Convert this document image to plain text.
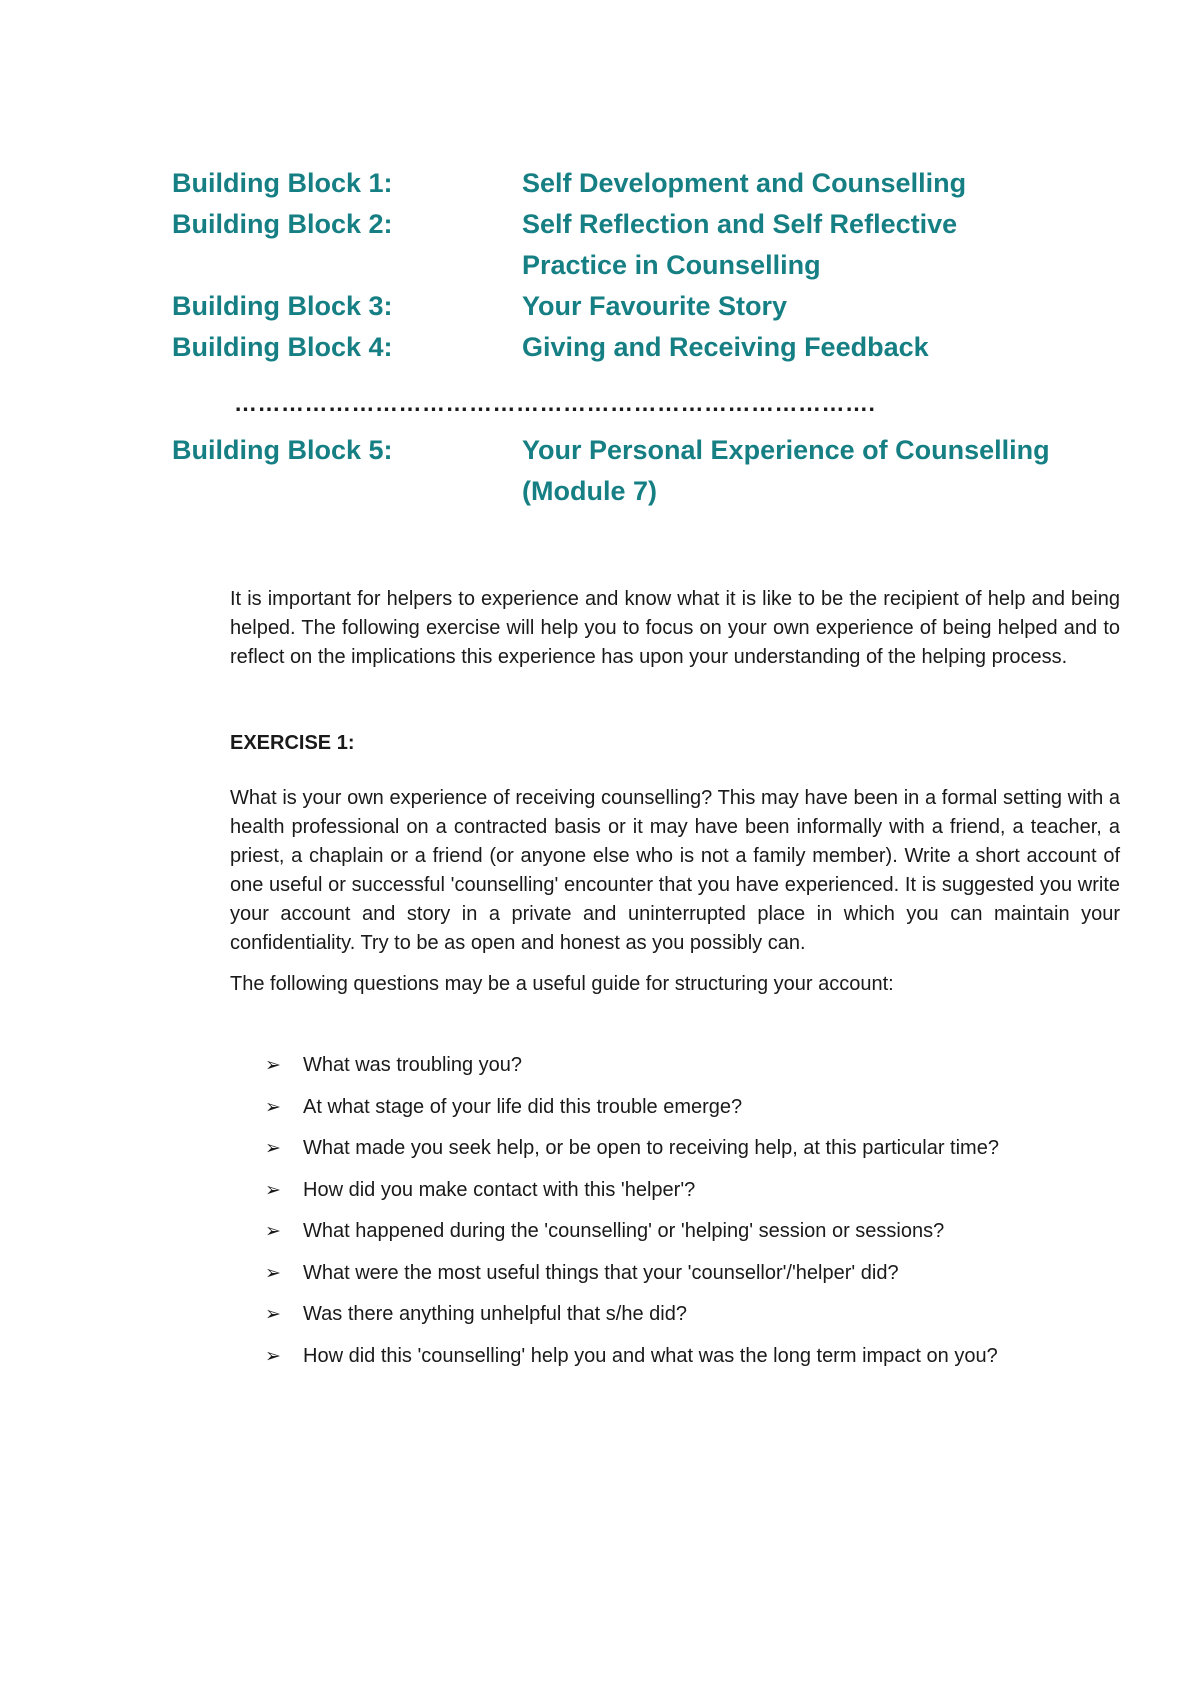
Building Block 1:	Self Development and Counselling
Building Block 2:	Self Reflection and Self Reflective Practice in Counselling
Building Block 3:	Your Favourite Story
Building Block 4:	Giving and Receiving Feedback
……………………………………………………………………….
Building Block 5:	Your Personal Experience of Counselling (Module 7)

It is important for helpers to experience and know what it is like to be the recipient of help and being helped. The following exercise will help you to focus on your own experience of being helped and to reflect on the implications this experience has upon your understanding of the helping process.

EXERCISE 1:

What is your own experience of receiving counselling? This may have been in a formal setting with a health professional on a contracted basis or it may have been informally with a friend, a teacher, a priest, a chaplain or a friend (or anyone else who is not a family member). Write a short account of one useful or successful 'counselling' encounter that you have experienced. It is suggested you write your account and story in a private and uninterrupted place in which you can maintain your confidentiality. Try to be as open and honest as you possibly can.

The following questions may be a useful guide for structuring your account:

➢	What was troubling you?
➢	At what stage of your life did this trouble emerge?
➢	What made you seek help, or be open to receiving help, at this particular time?
➢	How did you make contact with this 'helper'?
➢	What happened during the 'counselling' or 'helping' session or sessions?
➢	What were the most useful things that your 'counsellor'/'helper' did?
➢	Was there anything unhelpful that s/he did?
➢	How did this 'counselling' help you and what was the long term impact on you?
